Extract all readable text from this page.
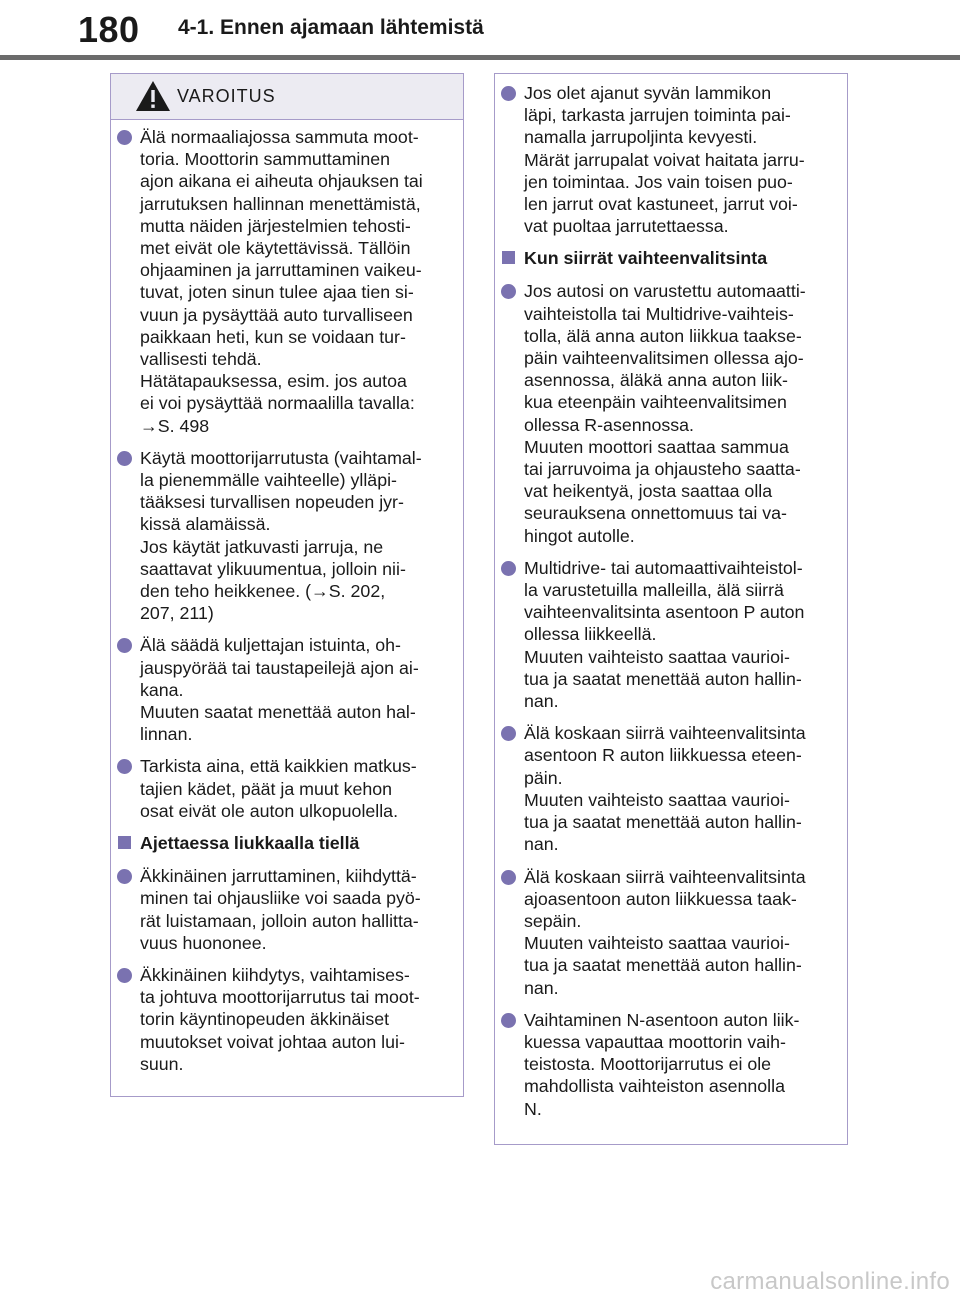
180 4-1. Ennen ajamaan lähtemistä
VAROITUS
Älä normaaliajossa sammuta moot-
toria. Moottorin sammuttaminen
ajon aikana ei aiheuta ohjauksen tai
jarrutuksen hallinnan menettämistä,
mutta näiden järjestelmien tehosti-
met eivät ole käytettävissä. Tällöin
ohjaaminen ja jarruttaminen vaikeu-
tuvat, joten sinun tulee ajaa tien si-
vuun ja pysäyttää auto turvalliseen
paikkaan heti, kun se voidaan tur-
vallisesti tehdä.
Hätätapauksessa, esim. jos autoa
ei voi pysäyttää normaalilla tavalla:
→S. 498
Käytä moottorijarrutusta (vaihtamal-
la pienemmälle vaihteelle) ylläpi-
tääksesi turvallisen nopeuden jyr-
kissä alamäissä.
Jos käytät jatkuvasti jarruja, ne
saattavat ylikuumentua, jolloin nii-
den teho heikkenee. (→S. 202,
207, 211)
Älä säädä kuljettajan istuinta, oh-
jauspyörää tai taustapeilejä ajon ai-
kana.
Muuten saatat menettää auton hal-
linnan.
Tarkista aina, että kaikkien matkus-
tajien kädet, päät ja muut kehon
osat eivät ole auton ulkopuolella.
Ajettaessa liukkaalla tiellä
Äkkinäinen jarruttaminen, kiihdyttä-
minen tai ohjausliike voi saada pyö-
rät luistamaan, jolloin auton hallitta-
vuus huononee.
Äkkinäinen kiihdytys, vaihtamises-
ta johtuva moottorijarrutus tai moot-
torin käyntinopeuden äkkinäiset
muutokset voivat johtaa auton lui-
suun.
Jos olet ajanut syvän lammikon
läpi, tarkasta jarrujen toiminta pai-
namalla jarrupoljinta kevyesti.
Märät jarrupalat voivat haitata jarru-
jen toimintaa. Jos vain toisen puo-
len jarrut ovat kastuneet, jarrut voi-
vat puoltaa jarrutettaessa.
Kun siirrät vaihteenvalitsinta
Jos autosi on varustettu automaatti-
vaihteistolla tai Multidrive-vaihteis-
tolla, älä anna auton liikkua taakse-
päin vaihteenvalitsimen ollessa ajo-
asennossa, äläkä anna auton liik-
kua eteenpäin vaihteenvalitsimen
ollessa R-asennossa.
Muuten moottori saattaa sammua
tai jarruvoima ja ohjausteho saatta-
vat heikentyä, josta saattaa olla
seurauksena onnettomuus tai va-
hingot autolle.
Multidrive- tai automaattivaihteistol-
la varustetuilla malleilla, älä siirrä
vaihteenvalitsinta asentoon P auton
ollessa liikkeellä.
Muuten vaihteisto saattaa vaurioi-
tua ja saatat menettää auton hallin-
nan.
Älä koskaan siirrä vaihteenvalitsinta
asentoon R auton liikkuessa eteen-
päin.
Muuten vaihteisto saattaa vaurioi-
tua ja saatat menettää auton hallin-
nan.
Älä koskaan siirrä vaihteenvalitsinta
ajoasentoon auton liikkuessa taak-
sepäin.
Muuten vaihteisto saattaa vaurioi-
tua ja saatat menettää auton hallin-
nan.
Vaihtaminen N-asentoon auton liik-
kuessa vapauttaa moottorin vaih-
teistosta. Moottorijarrutus ei ole
mahdollista vaihteiston asennolla
N.
carmanualsonline.info
